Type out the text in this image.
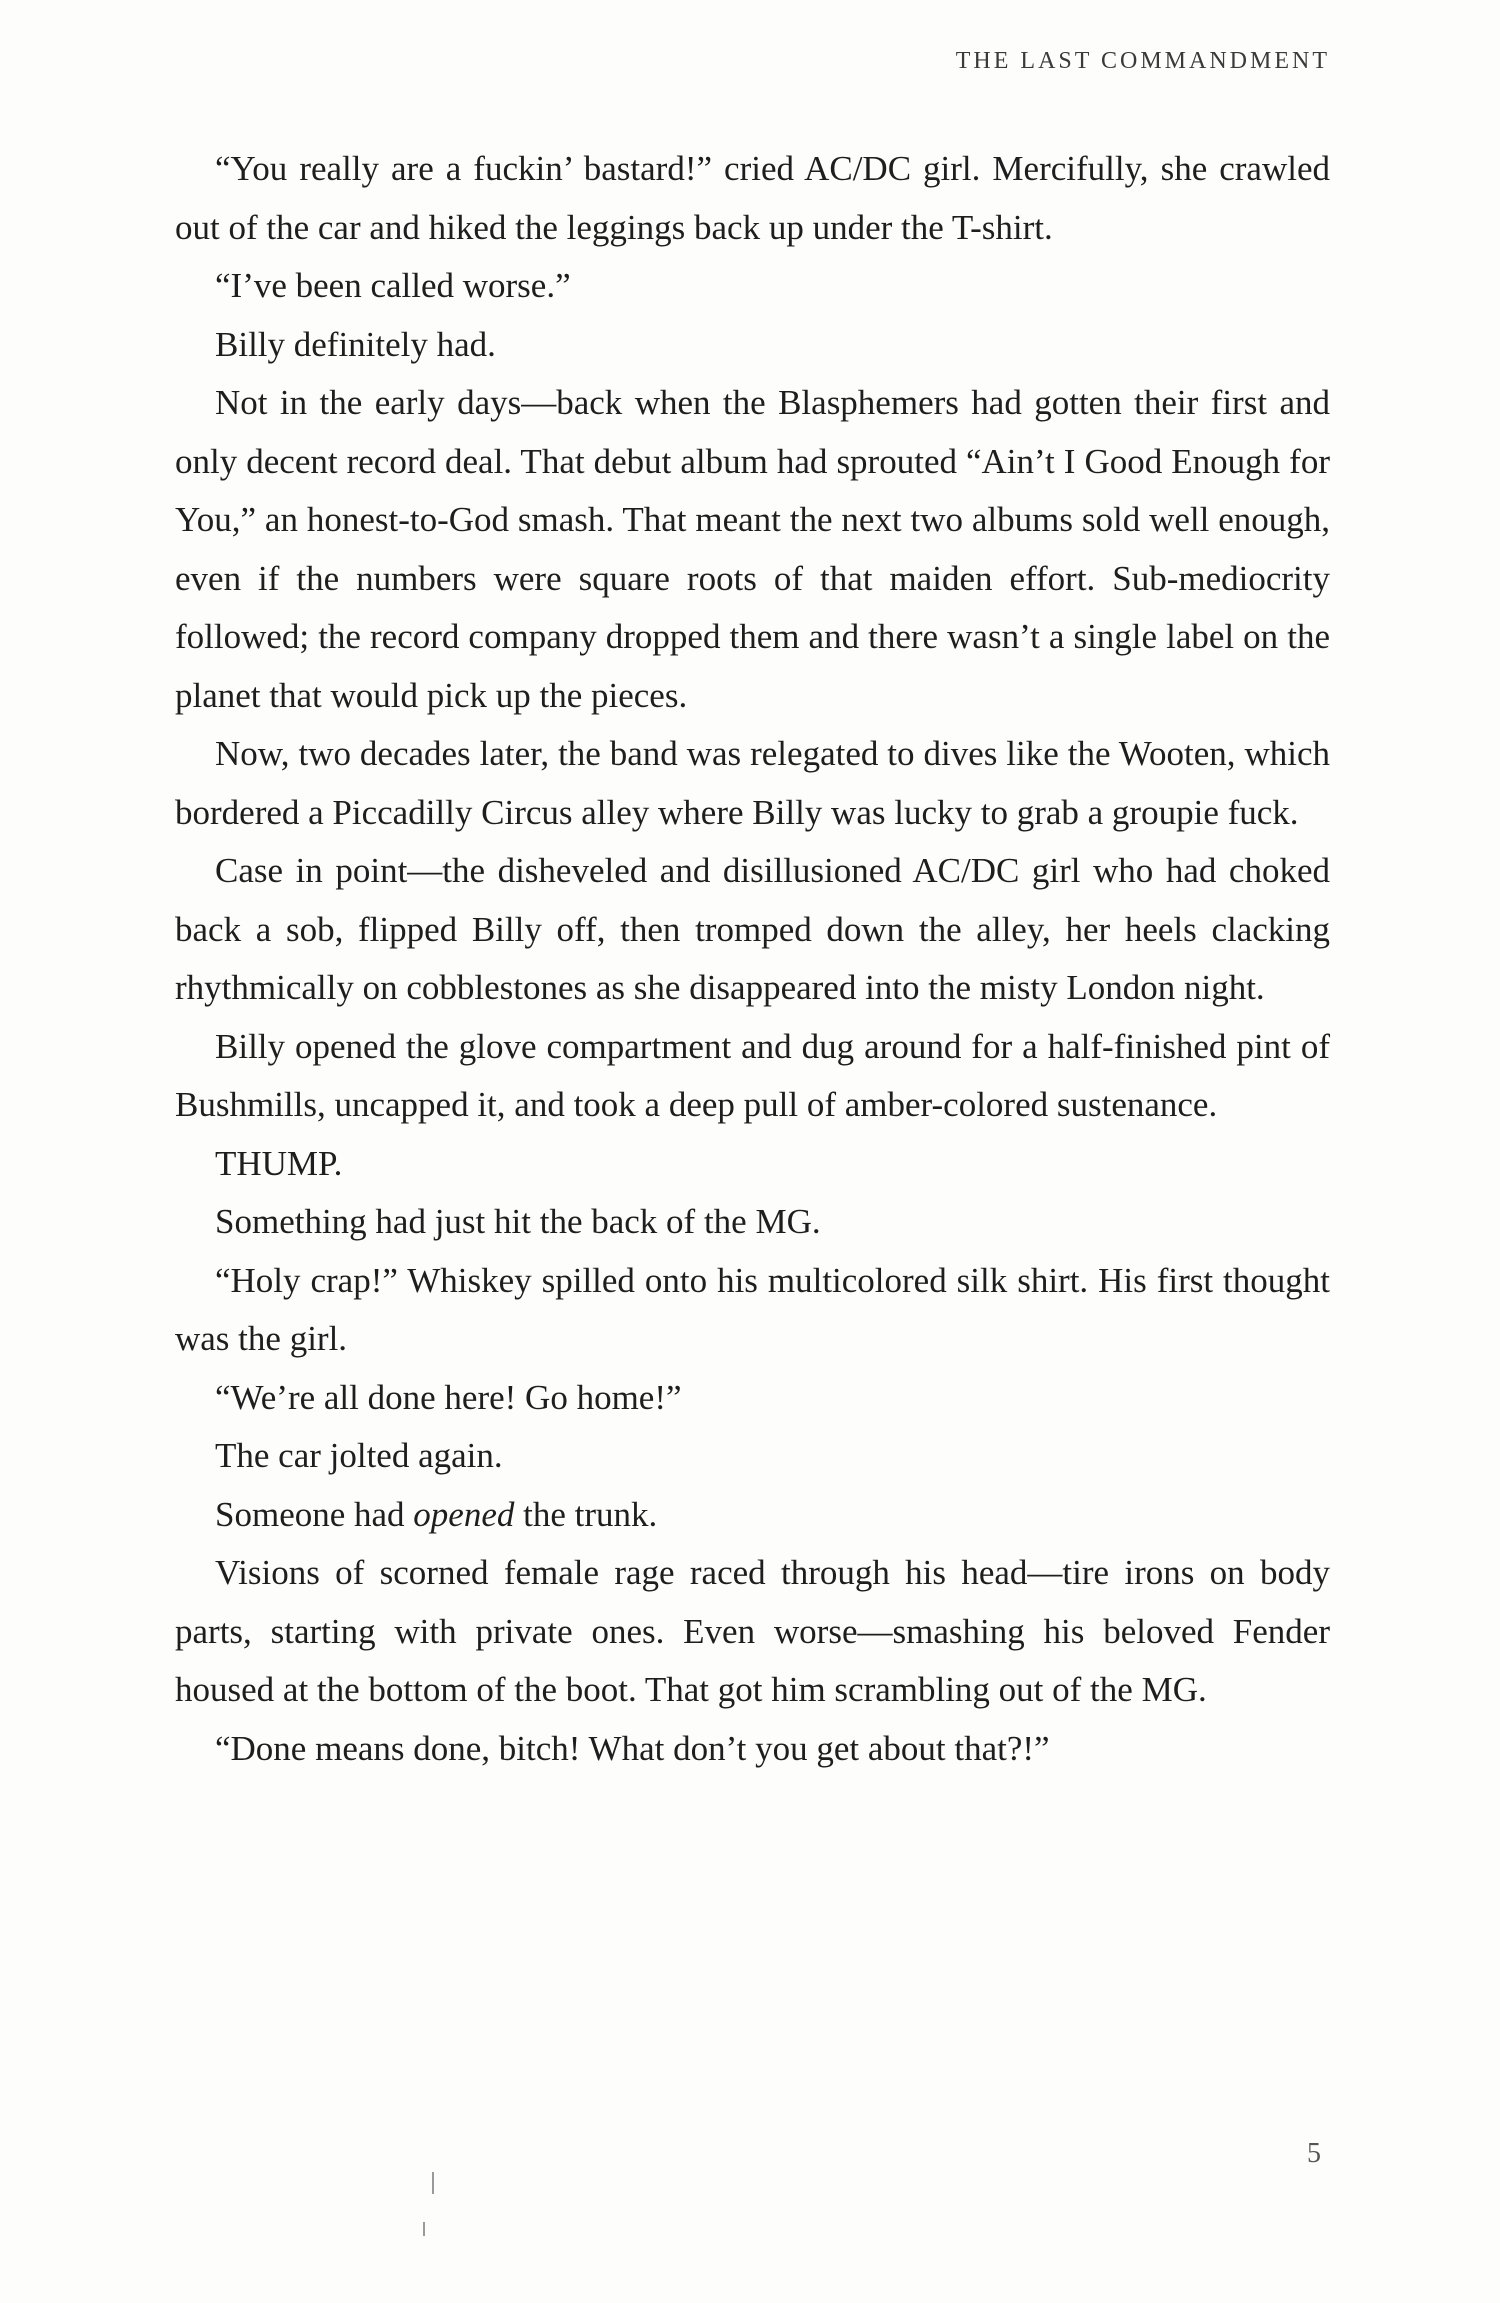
THE LAST COMMANDMENT

“You really are a fuckin’ bastard!” cried AC/DC girl. Mercifully, she crawled out of the car and hiked the leggings back up under the T-shirt.

“I’ve been called worse.”

Billy definitely had.

Not in the early days—back when the Blasphemers had gotten their first and only decent record deal. That debut album had sprouted “Ain’t I Good Enough for You,” an honest-to-God smash. That meant the next two albums sold well enough, even if the numbers were square roots of that maiden effort. Sub-mediocrity followed; the record company dropped them and there wasn’t a single label on the planet that would pick up the pieces.

Now, two decades later, the band was relegated to dives like the Wooten, which bordered a Piccadilly Circus alley where Billy was lucky to grab a groupie fuck.

Case in point—the disheveled and disillusioned AC/DC girl who had choked back a sob, flipped Billy off, then tromped down the alley, her heels clacking rhythmically on cobblestones as she disappeared into the misty London night.

Billy opened the glove compartment and dug around for a half-finished pint of Bushmills, uncapped it, and took a deep pull of amber-colored sustenance.

THUMP.

Something had just hit the back of the MG.

“Holy crap!” Whiskey spilled onto his multicolored silk shirt. His first thought was the girl.

“We’re all done here! Go home!”

The car jolted again.

Someone had opened the trunk.

Visions of scorned female rage raced through his head—tire irons on body parts, starting with private ones. Even worse—smashing his beloved Fender housed at the bottom of the boot. That got him scrambling out of the MG.

“Done means done, bitch! What don’t you get about that?!”

5
